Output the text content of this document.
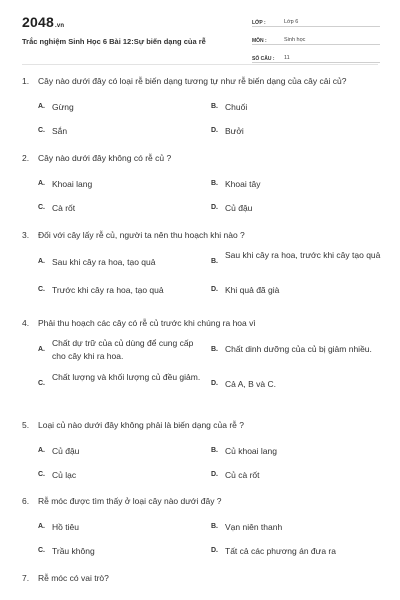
2048.vn
Trắc nghiệm Sinh Học 6 Bài 12:Sự biến dạng của rễ
LỚP :	Lớp 6
MÔN :	Sinh học
SỐ CÂU :	11
1.	Cây nào dưới đây có loại rễ biến dạng tương tự như rễ biến dạng của cây cải củ?
A. Gừng	B. Chuối
C. Sắn	D. Bưởi
2.	Cây nào dưới đây không có rễ củ ?
A. Khoai lang	B. Khoai tây
C. Cà rốt	D. Củ đậu
3.	Đối với cây lấy rễ củ, người ta nên thu hoạch khi nào ?
A. Sau khi cây ra hoa, tạo quả	B.
Sau khi cây ra hoa, trước khi cây tạo quả
C. Trước khi cây ra hoa, tạo quả	D. Khi quả đã già
4.	Phải thu hoạch các cây có rễ củ trước khi chúng ra hoa vì
A.
Chất dự trữ của củ dùng để cung cấp cho cây khi ra hoa.
B. Chất dinh dưỡng của củ bị giảm nhiều.
C.
Chất lượng và khối lượng củ đều giảm.
D. Cả A, B và C.
5.	Loại củ nào dưới đây không phải là biến dạng của rễ ?
A. Củ đậu	B. Củ khoai lang
C. Củ lạc	D. Củ cà rốt
6.	Rễ móc được tìm thấy ở loại cây nào dưới đây ?
A. Hồ tiêu	B. Vạn niên thanh
C. Trầu không	D. Tất cả các phương án đưa ra
7.	Rễ móc có vai trò?
